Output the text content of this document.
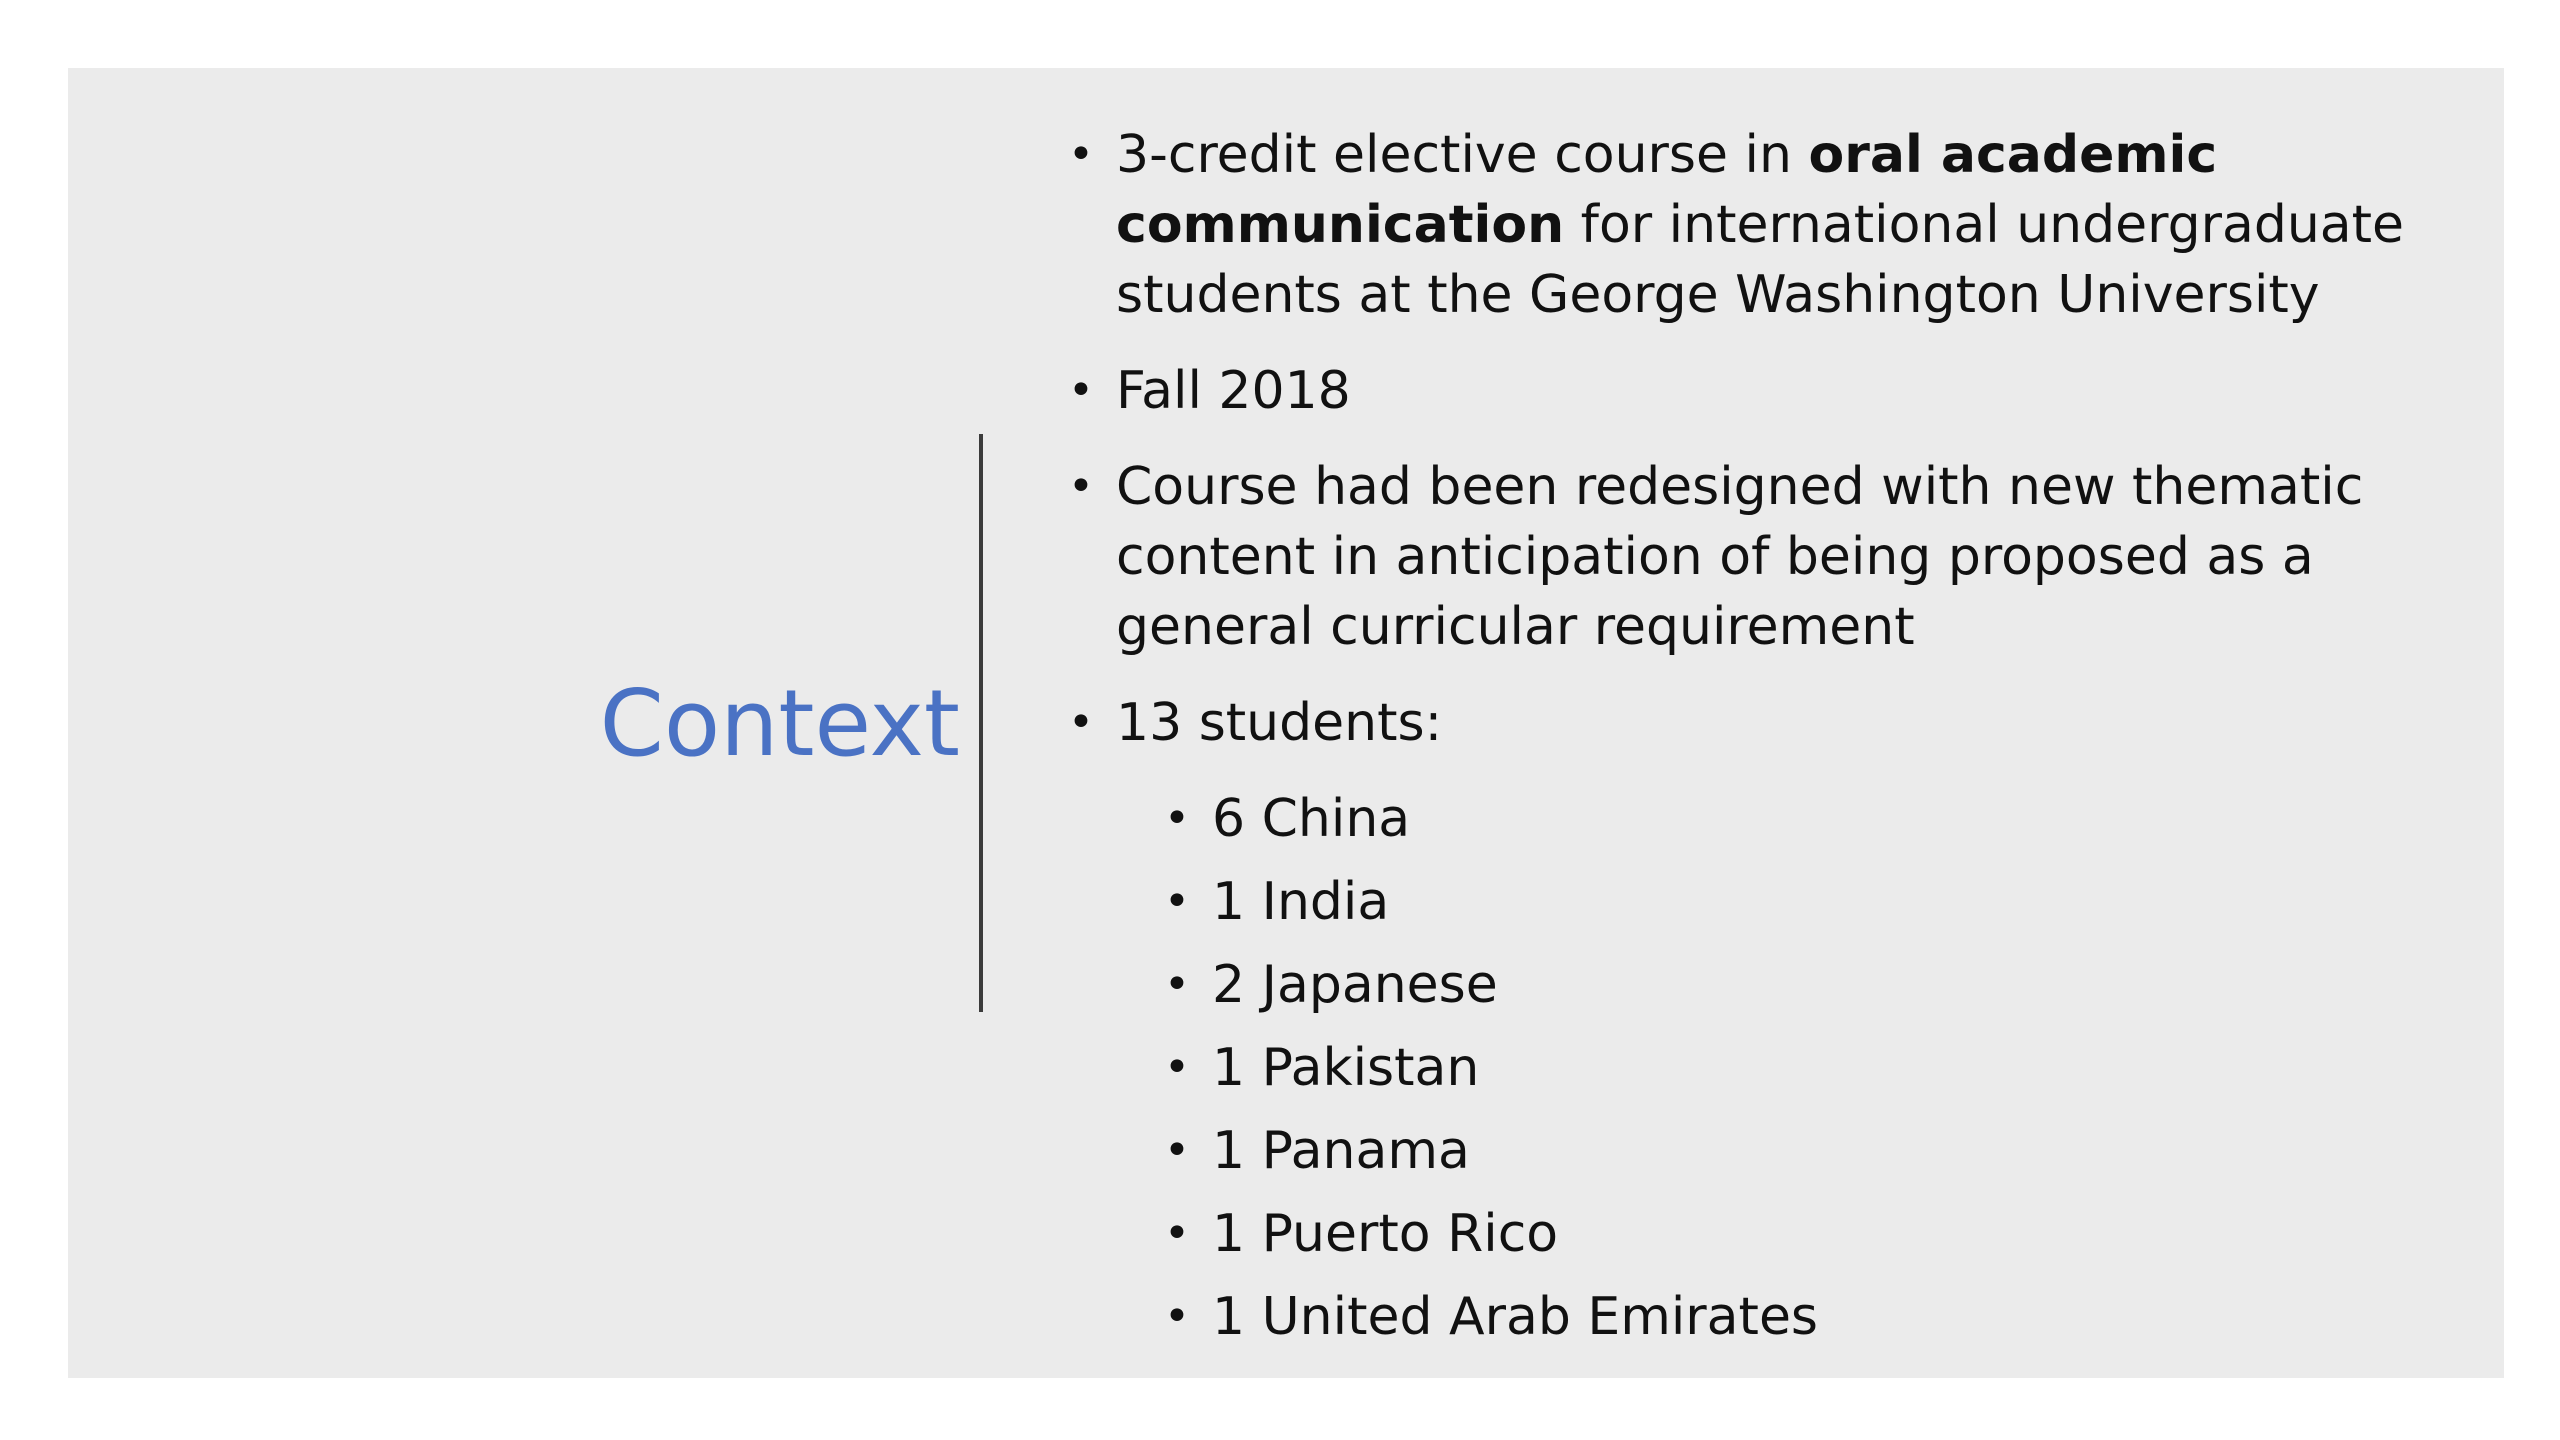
Context
• 3-credit elective course in oral academic communication for international undergraduate students at the George Washington University
• Fall 2018
• Course had been redesigned with new thematic content in anticipation of being proposed as a general curricular requirement
• 13 students:
• 6 China
• 1 India
• 2 Japanese
• 1 Pakistan
• 1 Panama
• 1 Puerto Rico
• 1 United Arab Emirates
